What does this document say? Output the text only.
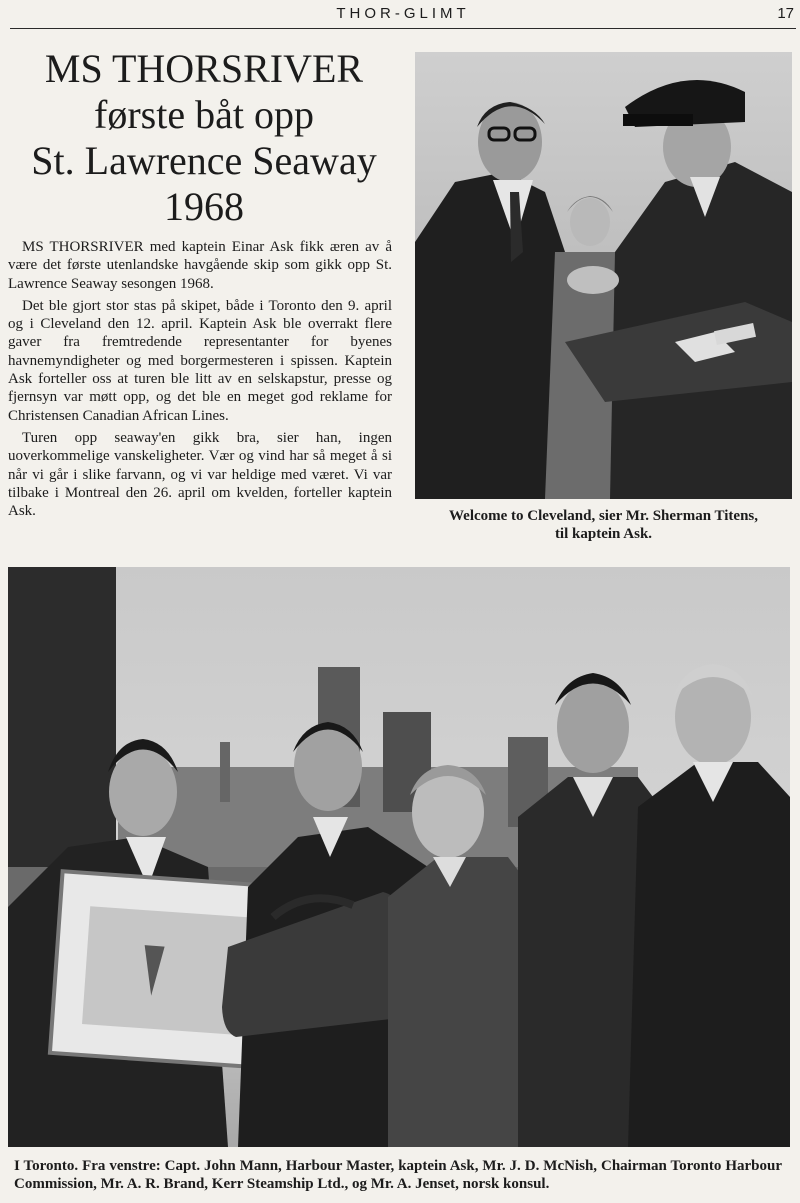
THOR-GLIMT	17
MS THORSRIVER
første båt opp
St. Lawrence Seaway
1968

MS THORSRIVER med kaptein Einar Ask fikk æren av å være det første utenlandske havgående skip som gikk opp St. Lawrence Seaway sesongen 1968.

Det ble gjort stor stas på skipet, både i Toronto den 9. april og i Cleveland den 12. april. Kaptein Ask ble overrakt flere gaver fra fremtredende representanter for byenes havnemyndigheter og med borgermesteren i spissen. Kaptein Ask forteller oss at turen ble litt av en selskapstur, presse og fjernsyn var møtt opp, og det ble en meget god reklame for Christensen Canadian African Lines.

Turen opp seaway'en gikk bra, sier han, ingen uoverkommelige vanskeligheter. Vær og vind har så meget å si når vi går i slike farvann, og vi var heldige med været. Vi var tilbake i Montreal den 26. april om kvelden, forteller kaptein Ask.	Welcome to Cleveland, sier Mr. Sherman Titens,
til kaptein Ask.
I Toronto. Fra venstre: Capt. John Mann, Harbour Master, kaptein Ask, Mr. J. D. McNish, Chairman Toronto Harbour Commission, Mr. A. R. Brand, Kerr Steamship Ltd., og Mr. A. Jenset, norsk konsul.
